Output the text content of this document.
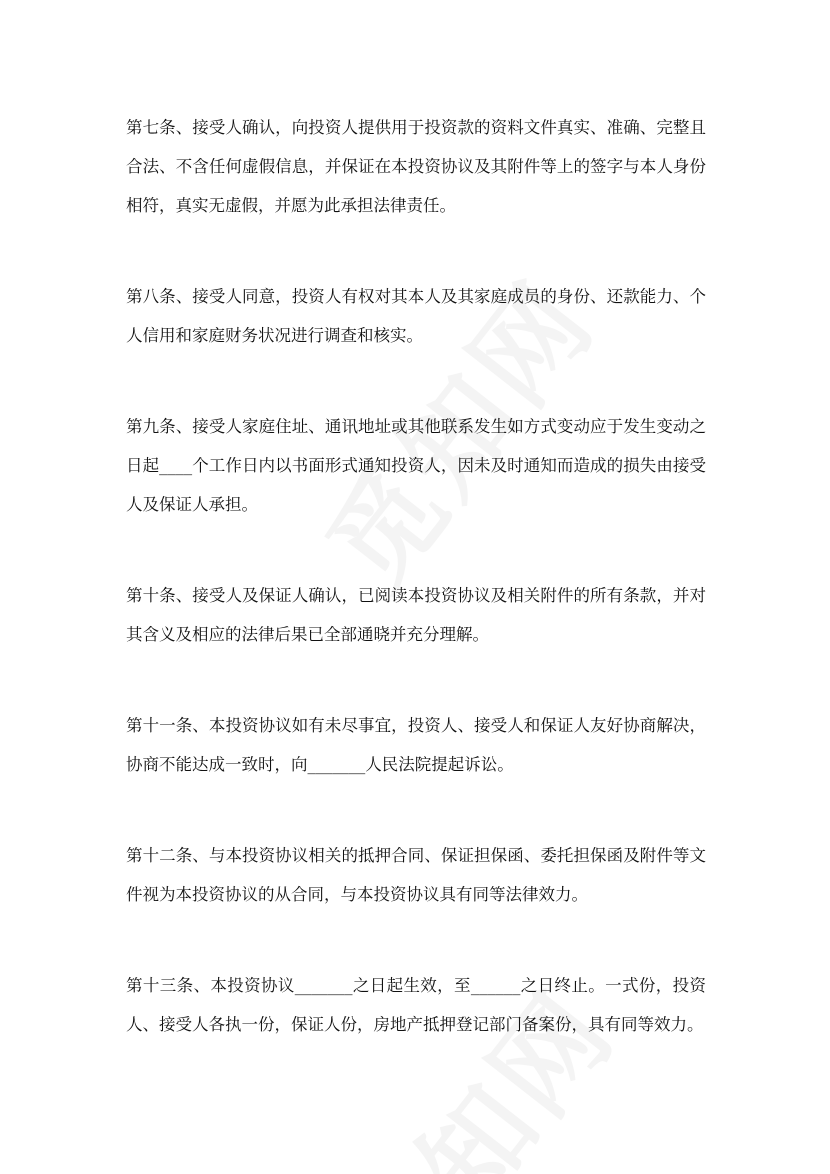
第七条、接受人确认，向投资人提供用于投资款的资料文件真实、准确、完整且合法、不含任何虚假信息，并保证在本投资协议及其附件等上的签字与本人身份相符，真实无虚假，并愿为此承担法律责任。

第八条、接受人同意，投资人有权对其本人及其家庭成员的身份、还款能力、个人信用和家庭财务状况进行调查和核实。

第九条、接受人家庭住址、通讯地址或其他联系发生如方式变动应于发生变动之日起____个工作日内以书面形式通知投资人，因未及时通知而造成的损失由接受人及保证人承担。

第十条、接受人及保证人确认，已阅读本投资协议及相关附件的所有条款，并对其含义及相应的法律后果已全部通晓并充分理解。

第十一条、本投资协议如有未尽事宜，投资人、接受人和保证人友好协商解决，协商不能达成一致时，向_______人民法院提起诉讼。

第十二条、与本投资协议相关的抵押合同、保证担保函、委托担保函及附件等文件视为本投资协议的从合同，与本投资协议具有同等法律效力。

第十三条、本投资协议_______之日起生效，至______之日终止。一式份，投资人、接受人各执一份，保证人份，房地产抵押登记部门备案份，具有同等效力。
